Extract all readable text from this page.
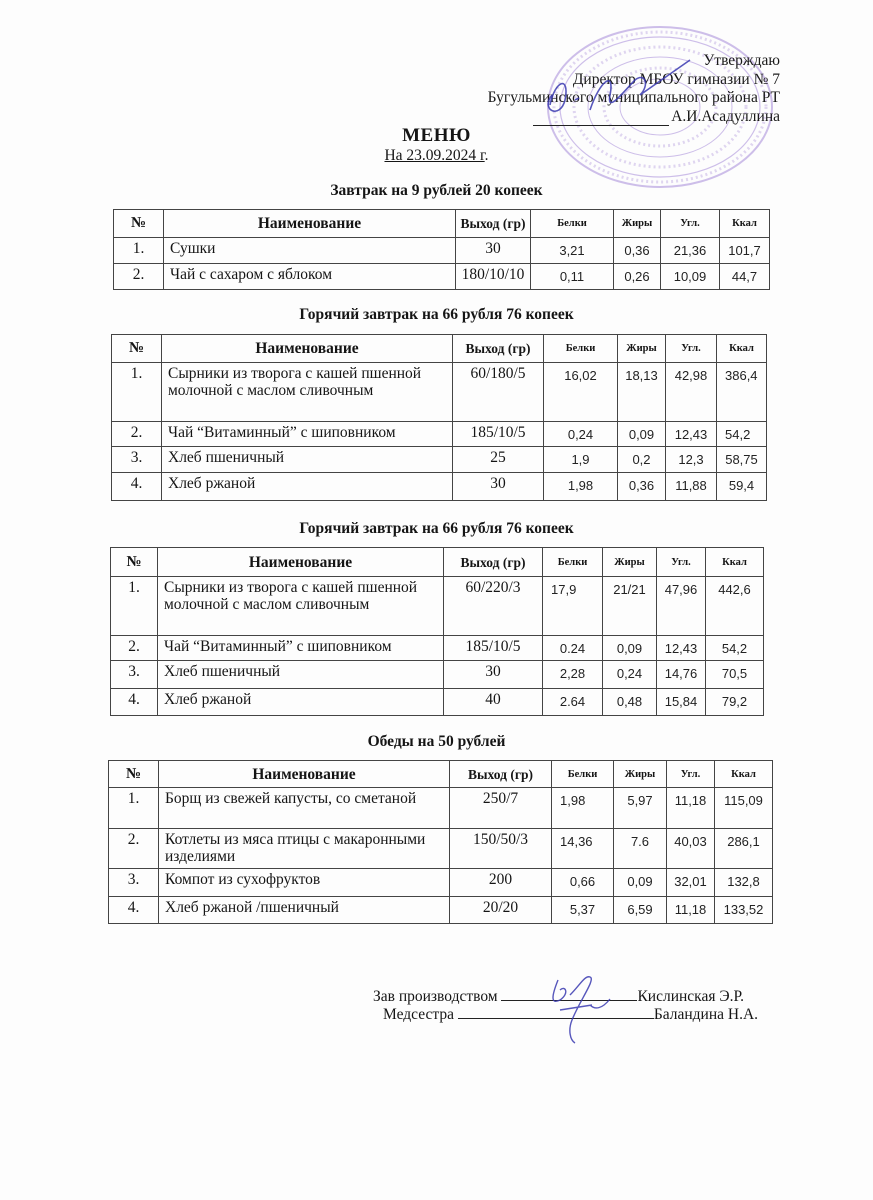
Утверждаю
Директор МБОУ гимназии № 7
Бугульминского муниципального района РТ
А.И.Асадуллина
МЕНЮ
На 23.09.2024 г.
Завтрак на 9 рублей 20 копеек
№	Наименование	Выход (гр)	Белки	Жиры	Угл.	Ккал
1.	Сушки	30	3,21	0,36	21,36	101,7
2.	Чай с сахаром с яблоком	180/10/10	0,11	0,26	10,09	44,7
Горячий завтрак на 66 рубля 76 копеек
№	Наименование	Выход (гр)	Белки	Жиры	Угл.	Ккал
1.	Сырники из творога с кашей пшенной молочной с маслом сливочным	60/180/5	16,02	18,13	42,98	386,4
2.	Чай “Витаминный” с шиповником	185/10/5	0,24	0,09	12,43	54,2
3.	Хлеб пшеничный	25	1,9	0,2	12,3	58,75
4.	Хлеб ржаной	30	1,98	0,36	11,88	59,4
Горячий завтрак на 66 рубля 76 копеек
№	Наименование	Выход (гр)	Белки	Жиры	Угл.	Ккал
1.	Сырники из творога с кашей пшенной молочной с маслом сливочным	60/220/3	17,9	21/21	47,96	442,6
2.	Чай “Витаминный” с шиповником	185/10/5	0.24	0,09	12,43	54,2
3.	Хлеб пшеничный	30	2,28	0,24	14,76	70,5
4.	Хлеб ржаной	40	2.64	0,48	15,84	79,2
Обеды на 50 рублей
№	Наименование	Выход (гр)	Белки	Жиры	Угл.	Ккал
1.	Борщ из свежей капусты, со сметаной	250/7	1,98	5,97	11,18	115,09
2.	Котлеты из мяса птицы с макаронными изделиями	150/50/3	14,36	7.6	40,03	286,1
3.	Компот из сухофруктов	200	0,66	0,09	32,01	132,8
4.	Хлеб ржаной /пшеничный	20/20	5,37	6,59	11,18	133,52
Зав производством	Кислинская Э.Р.
Медсестра	Баландина Н.А.
